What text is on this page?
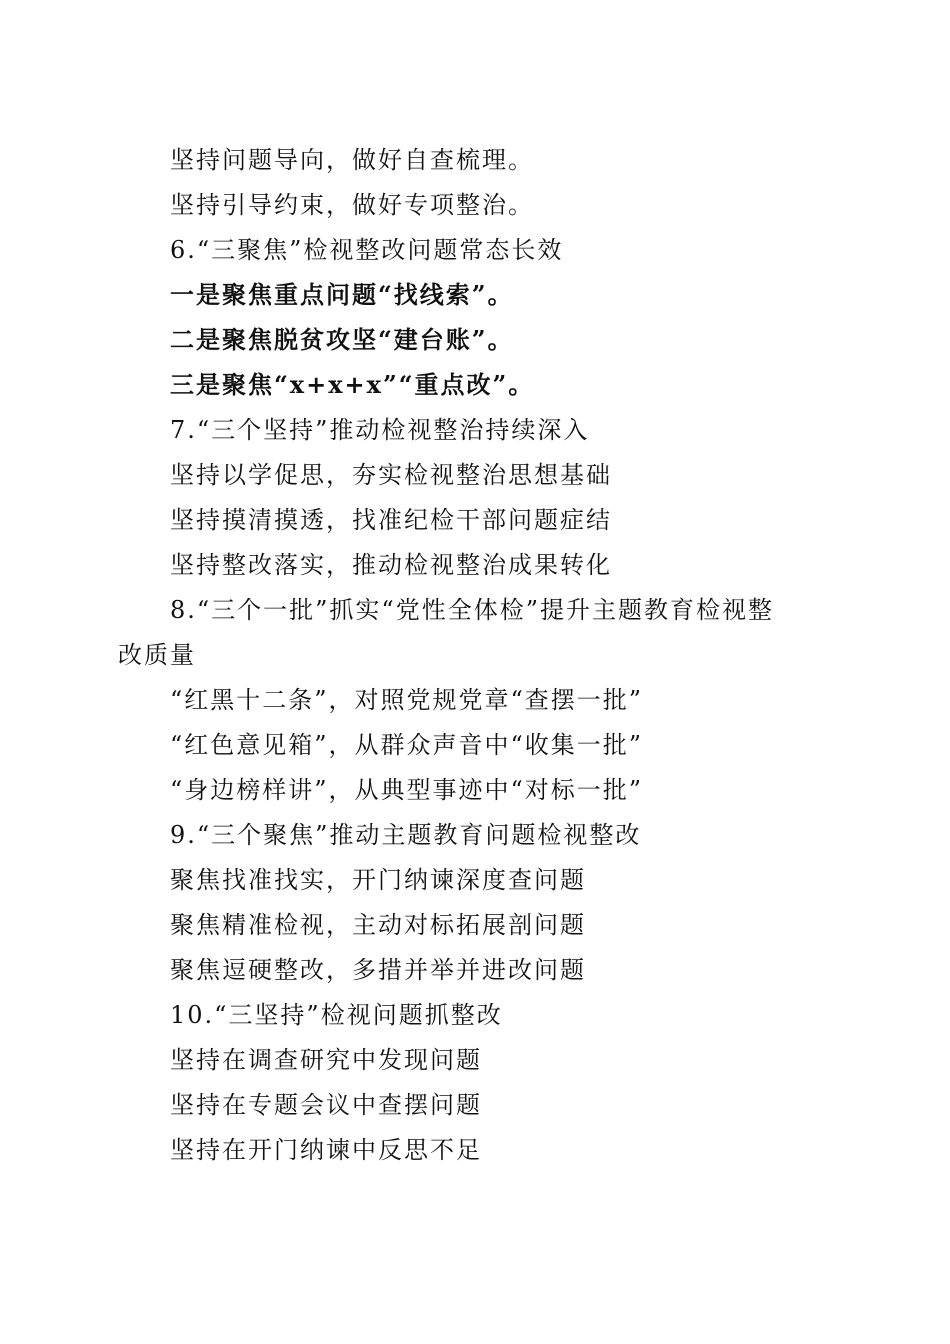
坚持问题导向，做好自查梳理。
坚持引导约束，做好专项整治。
6.“三聚焦”检视整改问题常态长效
一是聚焦重点问题“找线索”。
二是聚焦脱贫攻坚“建台账”。
三是聚焦“x+x+x”“重点改”。
7.“三个坚持”推动检视整治持续深入
坚持以学促思，夯实检视整治思想基础
坚持摸清摸透，找准纪检干部问题症结
坚持整改落实，推动检视整治成果转化
8.“三个一批”抓实“党性全体检”提升主题教育检视整
改质量
“红黑十二条”，对照党规党章“查摆一批”
“红色意见箱”，从群众声音中“收集一批”
“身边榜样讲”，从典型事迹中“对标一批”
9.“三个聚焦”推动主题教育问题检视整改
聚焦找准找实，开门纳谏深度查问题
聚焦精准检视，主动对标拓展剖问题
聚焦逗硬整改，多措并举并进改问题
10.“三坚持”检视问题抓整改
坚持在调查研究中发现问题
坚持在专题会议中查摆问题
坚持在开门纳谏中反思不足
